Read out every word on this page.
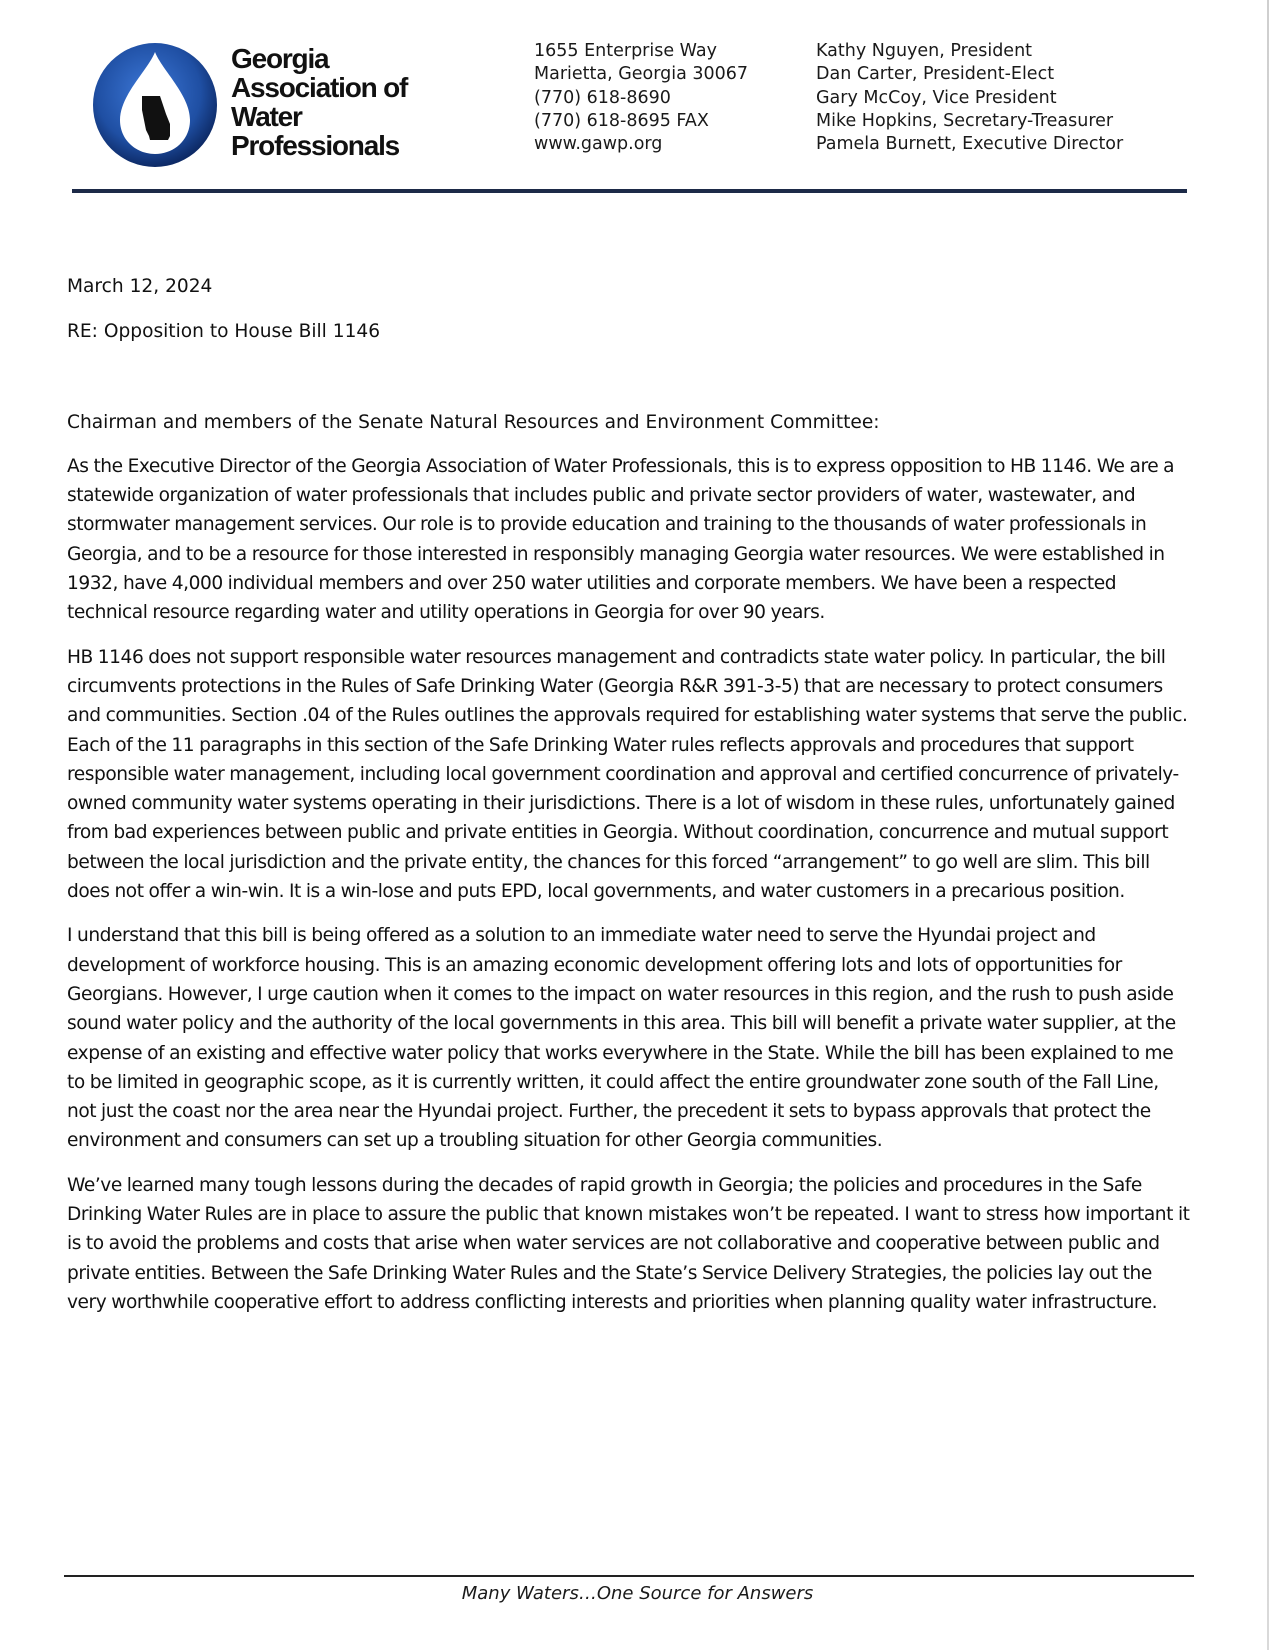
Georgia
Association of
Water
Professionals
1655 Enterprise Way
Marietta, Georgia 30067
(770) 618-8690
(770) 618-8695 FAX
www.gawp.org
Kathy Nguyen, President
Dan Carter, President-Elect
Gary McCoy, Vice President
Mike Hopkins, Secretary-Treasurer
Pamela Burnett, Executive Director
March 12, 2024
RE: Opposition to House Bill 1146
Chairman and members of the Senate Natural Resources and Environment Committee:

As the Executive Director of the Georgia Association of Water Professionals, this is to express opposition to HB 1146. We are a statewide organization of water professionals that includes public and private sector providers of water, wastewater, and stormwater management services. Our role is to provide education and training to the thousands of water professionals in Georgia, and to be a resource for those interested in responsibly managing Georgia water resources. We were established in 1932, have 4,000 individual members and over 250 water utilities and corporate members. We have been a respected technical resource regarding water and utility operations in Georgia for over 90 years.

HB 1146 does not support responsible water resources management and contradicts state water policy. In particular, the bill circumvents protections in the Rules of Safe Drinking Water (Georgia R&R 391-3-5) that are necessary to protect consumers and communities. Section .04 of the Rules outlines the approvals required for establishing water systems that serve the public. Each of the 11 paragraphs in this section of the Safe Drinking Water rules reflects approvals and procedures that support responsible water management, including local government coordination and approval and certified concurrence of privately-owned community water systems operating in their jurisdictions. There is a lot of wisdom in these rules, unfortunately gained from bad experiences between public and private entities in Georgia. Without coordination, concurrence and mutual support between the local jurisdiction and the private entity, the chances for this forced “arrangement” to go well are slim. This bill does not offer a win-win. It is a win-lose and puts EPD, local governments, and water customers in a precarious position.

I understand that this bill is being offered as a solution to an immediate water need to serve the Hyundai project and development of workforce housing. This is an amazing economic development offering lots and lots of opportunities for Georgians. However, I urge caution when it comes to the impact on water resources in this region, and the rush to push aside sound water policy and the authority of the local governments in this area. This bill will benefit a private water supplier, at the expense of an existing and effective water policy that works everywhere in the State. While the bill has been explained to me to be limited in geographic scope, as it is currently written, it could affect the entire groundwater zone south of the Fall Line, not just the coast nor the area near the Hyundai project. Further, the precedent it sets to bypass approvals that protect the environment and consumers can set up a troubling situation for other Georgia communities.

We’ve learned many tough lessons during the decades of rapid growth in Georgia; the policies and procedures in the Safe Drinking Water Rules are in place to assure the public that known mistakes won’t be repeated. I want to stress how important it is to avoid the problems and costs that arise when water services are not collaborative and cooperative between public and private entities. Between the Safe Drinking Water Rules and the State’s Service Delivery Strategies, the policies lay out the very worthwhile cooperative effort to address conflicting interests and priorities when planning quality water infrastructure.

Many Waters…One Source for Answers
